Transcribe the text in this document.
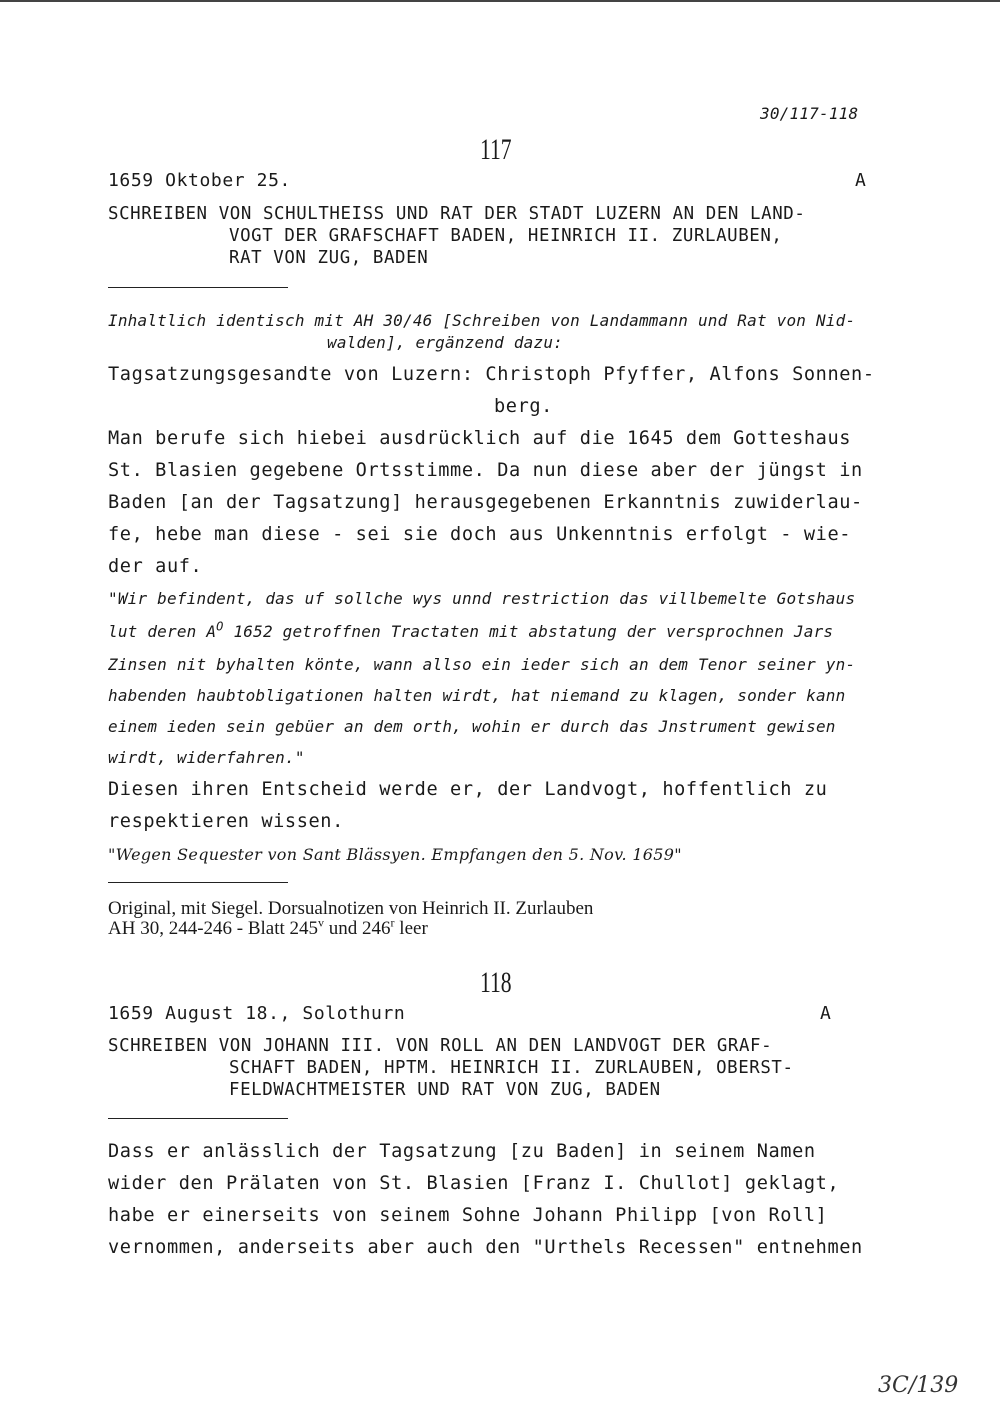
30/117-118
117
1659 Oktober 25.	A
SCHREIBEN VON SCHULTHEISS UND RAT DER STADT LUZERN AN DEN LAND-
VOGT DER GRAFSCHAFT BADEN, HEINRICH II. ZURLAUBEN,
RAT VON ZUG, BADEN
Inhaltlich identisch mit AH 30/46 [Schreiben von Landammann und Rat von Nid-
walden], ergänzend dazu:
Tagsatzungsgesandte von Luzern: Christoph Pfyffer, Alfons Sonnen-
berg.
Man berufe sich hiebei ausdrücklich auf die 1645 dem Gotteshaus
St. Blasien gegebene Ortsstimme. Da nun diese aber der jüngst in
Baden [an der Tagsatzung] herausgegebenen Erkanntnis zuwiderlau-
fe, hebe man diese - sei sie doch aus Unkenntnis erfolgt - wie-
der auf.
"Wir befindent, das uf sollche wys unnd restriction das villbemelte Gotshaus
lut deren $A^O$ 1652 getroffnen Tractaten mit abstatung der versprochnen Jars
Zinsen nit byhalten könte, wann allso ein ieder sich an dem Tenor seiner yn-
habenden haubtobligationen halten wirdt, hat niemand zu klagen, sonder kann
einem ieden sein gebüer an dem orth, wohin er durch das Jnstrument gewisen
wirdt, widerfahren."
Diesen ihren Entscheid werde er, der Landvogt, hoffentlich zu
respektieren wissen.
"Wegen Sequester von Sant Blässyen. Empfangen den 5. Nov. 1659"
Original, mit Siegel. Dorsualnotizen von Heinrich II. Zurlauben
AH 30, 244-246 - Blatt 245$^v$ und 246$^r$ leer
118
1659 August 18., Solothurn	A
SCHREIBEN VON JOHANN III. VON ROLL AN DEN LANDVOGT DER GRAF-
SCHAFT BADEN, HPTM. HEINRICH II. ZURLAUBEN, OBERST-
FELDWACHTMEISTER UND RAT VON ZUG, BADEN
Dass er anlässlich der Tagsatzung [zu Baden] in seinem Namen
wider den Prälaten von St. Blasien [Franz I. Chullot] geklagt,
habe er einerseits von seinem Sohne Johann Philipp [von Roll]
vernommen, anderseits aber auch den "Urthels Recessen" entnehmen
3C/139
